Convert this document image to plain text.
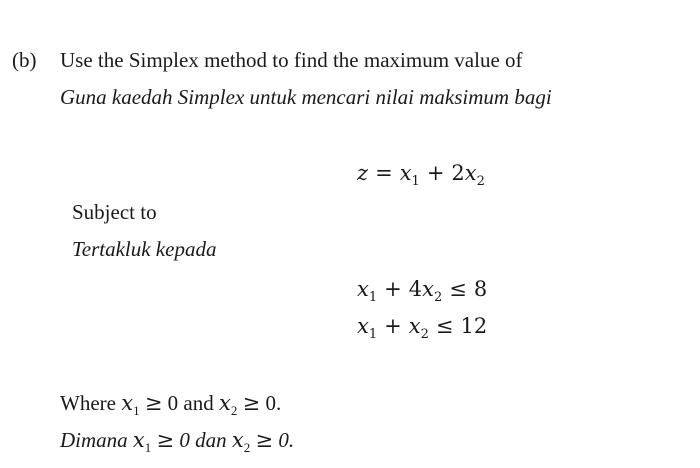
(b) Use the Simplex method to find the maximum value of
Guna kaedah Simplex untuk mencari nilai maksimum bagi
$z = x_1 + 2x_2$
Subject to
Tertakluk kepada
$x_1 + 4x_2 \le 8$
$x_1 + x_2 \le 12$
Where $x_1 \ge 0$ and $x_2 \ge 0$.
Dimana $x_1 \ge 0$ dan $x_2 \ge 0$.
